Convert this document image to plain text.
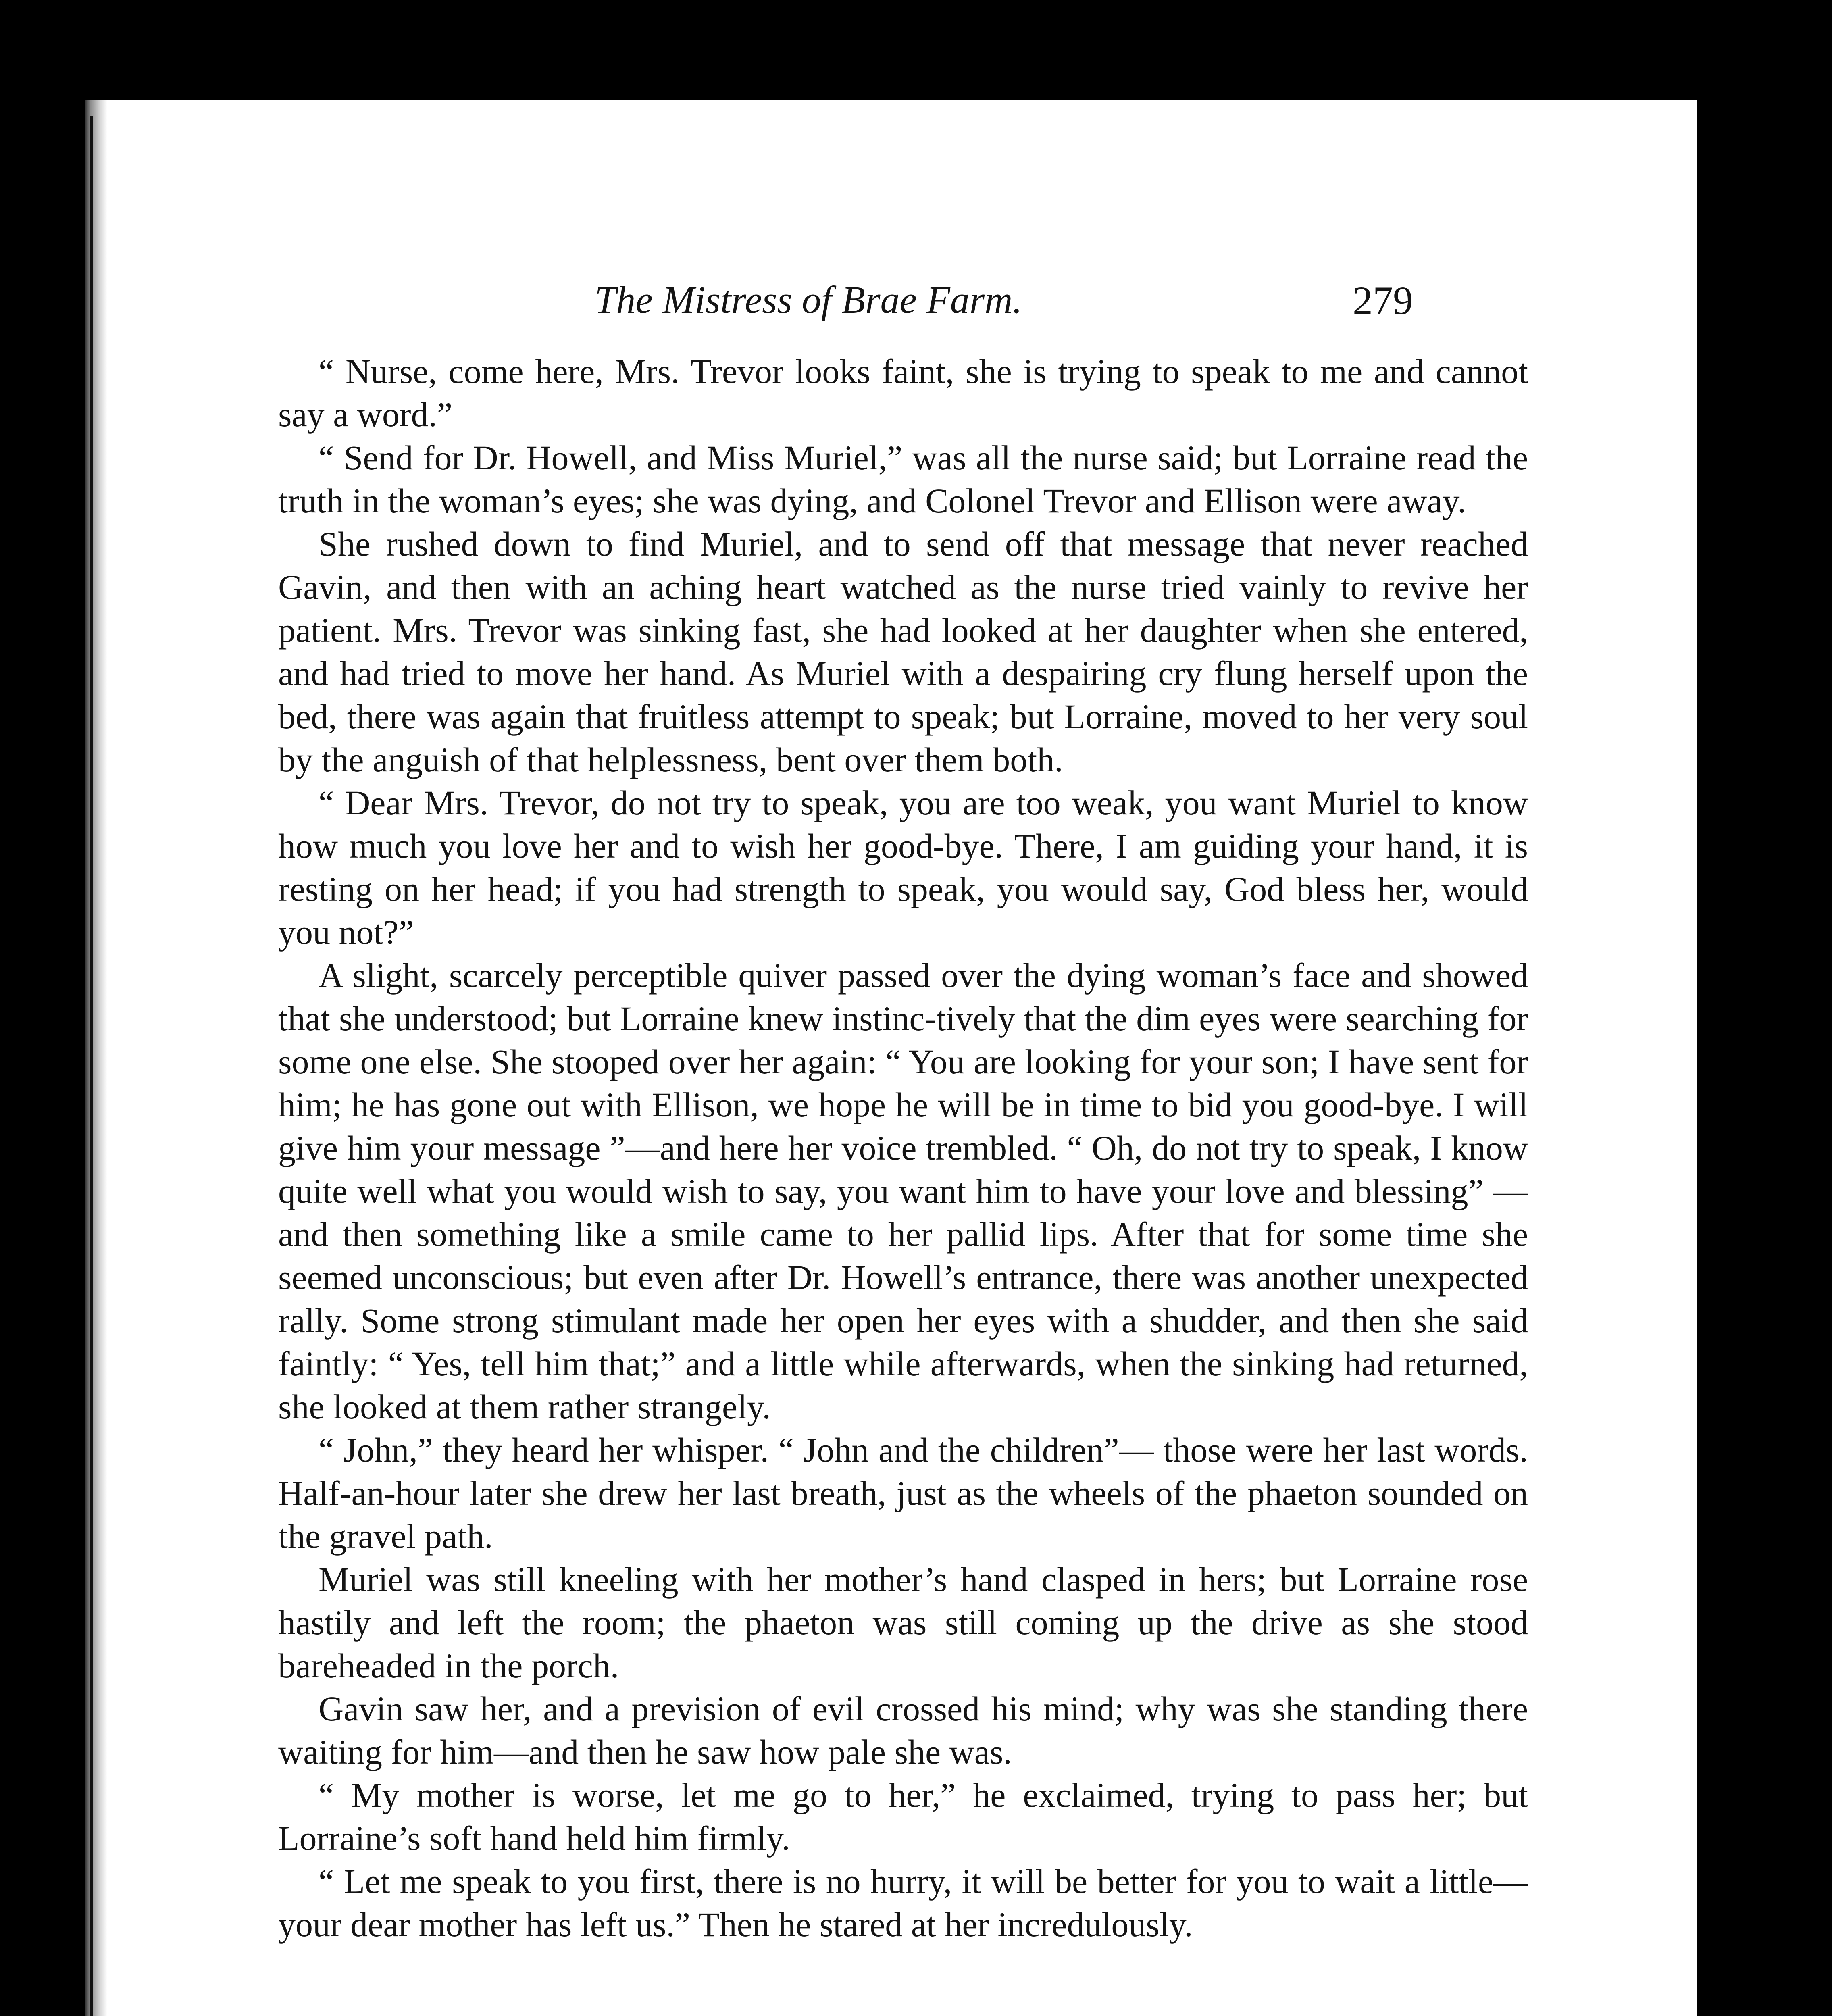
The Mistress of Brae Farm.	279

“ Nurse, come here, Mrs. Trevor looks faint, she is trying to speak to me and cannot say a word.”

“ Send for Dr. Howell, and Miss Muriel,” was all the nurse said; but Lorraine read the truth in the woman’s eyes; she was dying, and Colonel Trevor and Ellison were away.

She rushed down to find Muriel, and to send off that message that never reached Gavin, and then with an aching heart watched as the nurse tried vainly to revive her patient. Mrs. Trevor was sinking fast, she had looked at her daughter when she entered, and had tried to move her hand. As Muriel with a despairing cry flung herself upon the bed, there was again that fruitless attempt to speak; but Lorraine, moved to her very soul by the anguish of that helplessness, bent over them both.

“ Dear Mrs. Trevor, do not try to speak, you are too weak, you want Muriel to know how much you love her and to wish her good-bye. There, I am guiding your hand, it is resting on her head; if you had strength to speak, you would say, God bless her, would you not?”

A slight, scarcely perceptible quiver passed over the dying woman’s face and showed that she understood; but Lorraine knew instinc-tively that the dim eyes were searching for some one else. She stooped over her again: “ You are looking for your son; I have sent for him; he has gone out with Ellison, we hope he will be in time to bid you good-bye. I will give him your message ”—and here her voice trembled. “ Oh, do not try to speak, I know quite well what you would wish to say, you want him to have your love and blessing” —and then something like a smile came to her pallid lips. After that for some time she seemed unconscious; but even after Dr. Howell’s entrance, there was another unexpected rally. Some strong stimulant made her open her eyes with a shudder, and then she said faintly: “ Yes, tell him that;” and a little while afterwards, when the sinking had returned, she looked at them rather strangely.

“ John,” they heard her whisper. “ John and the children”— those were her last words. Half-an-hour later she drew her last breath, just as the wheels of the phaeton sounded on the gravel path.

Muriel was still kneeling with her mother’s hand clasped in hers; but Lorraine rose hastily and left the room; the phaeton was still coming up the drive as she stood bareheaded in the porch.

Gavin saw her, and a prevision of evil crossed his mind; why was she standing there waiting for him—and then he saw how pale she was.

“ My mother is worse, let me go to her,” he exclaimed, trying to pass her; but Lorraine’s soft hand held him firmly.

“ Let me speak to you first, there is no hurry, it will be better for you to wait a little—your dear mother has left us.” Then he stared at her incredulously.
